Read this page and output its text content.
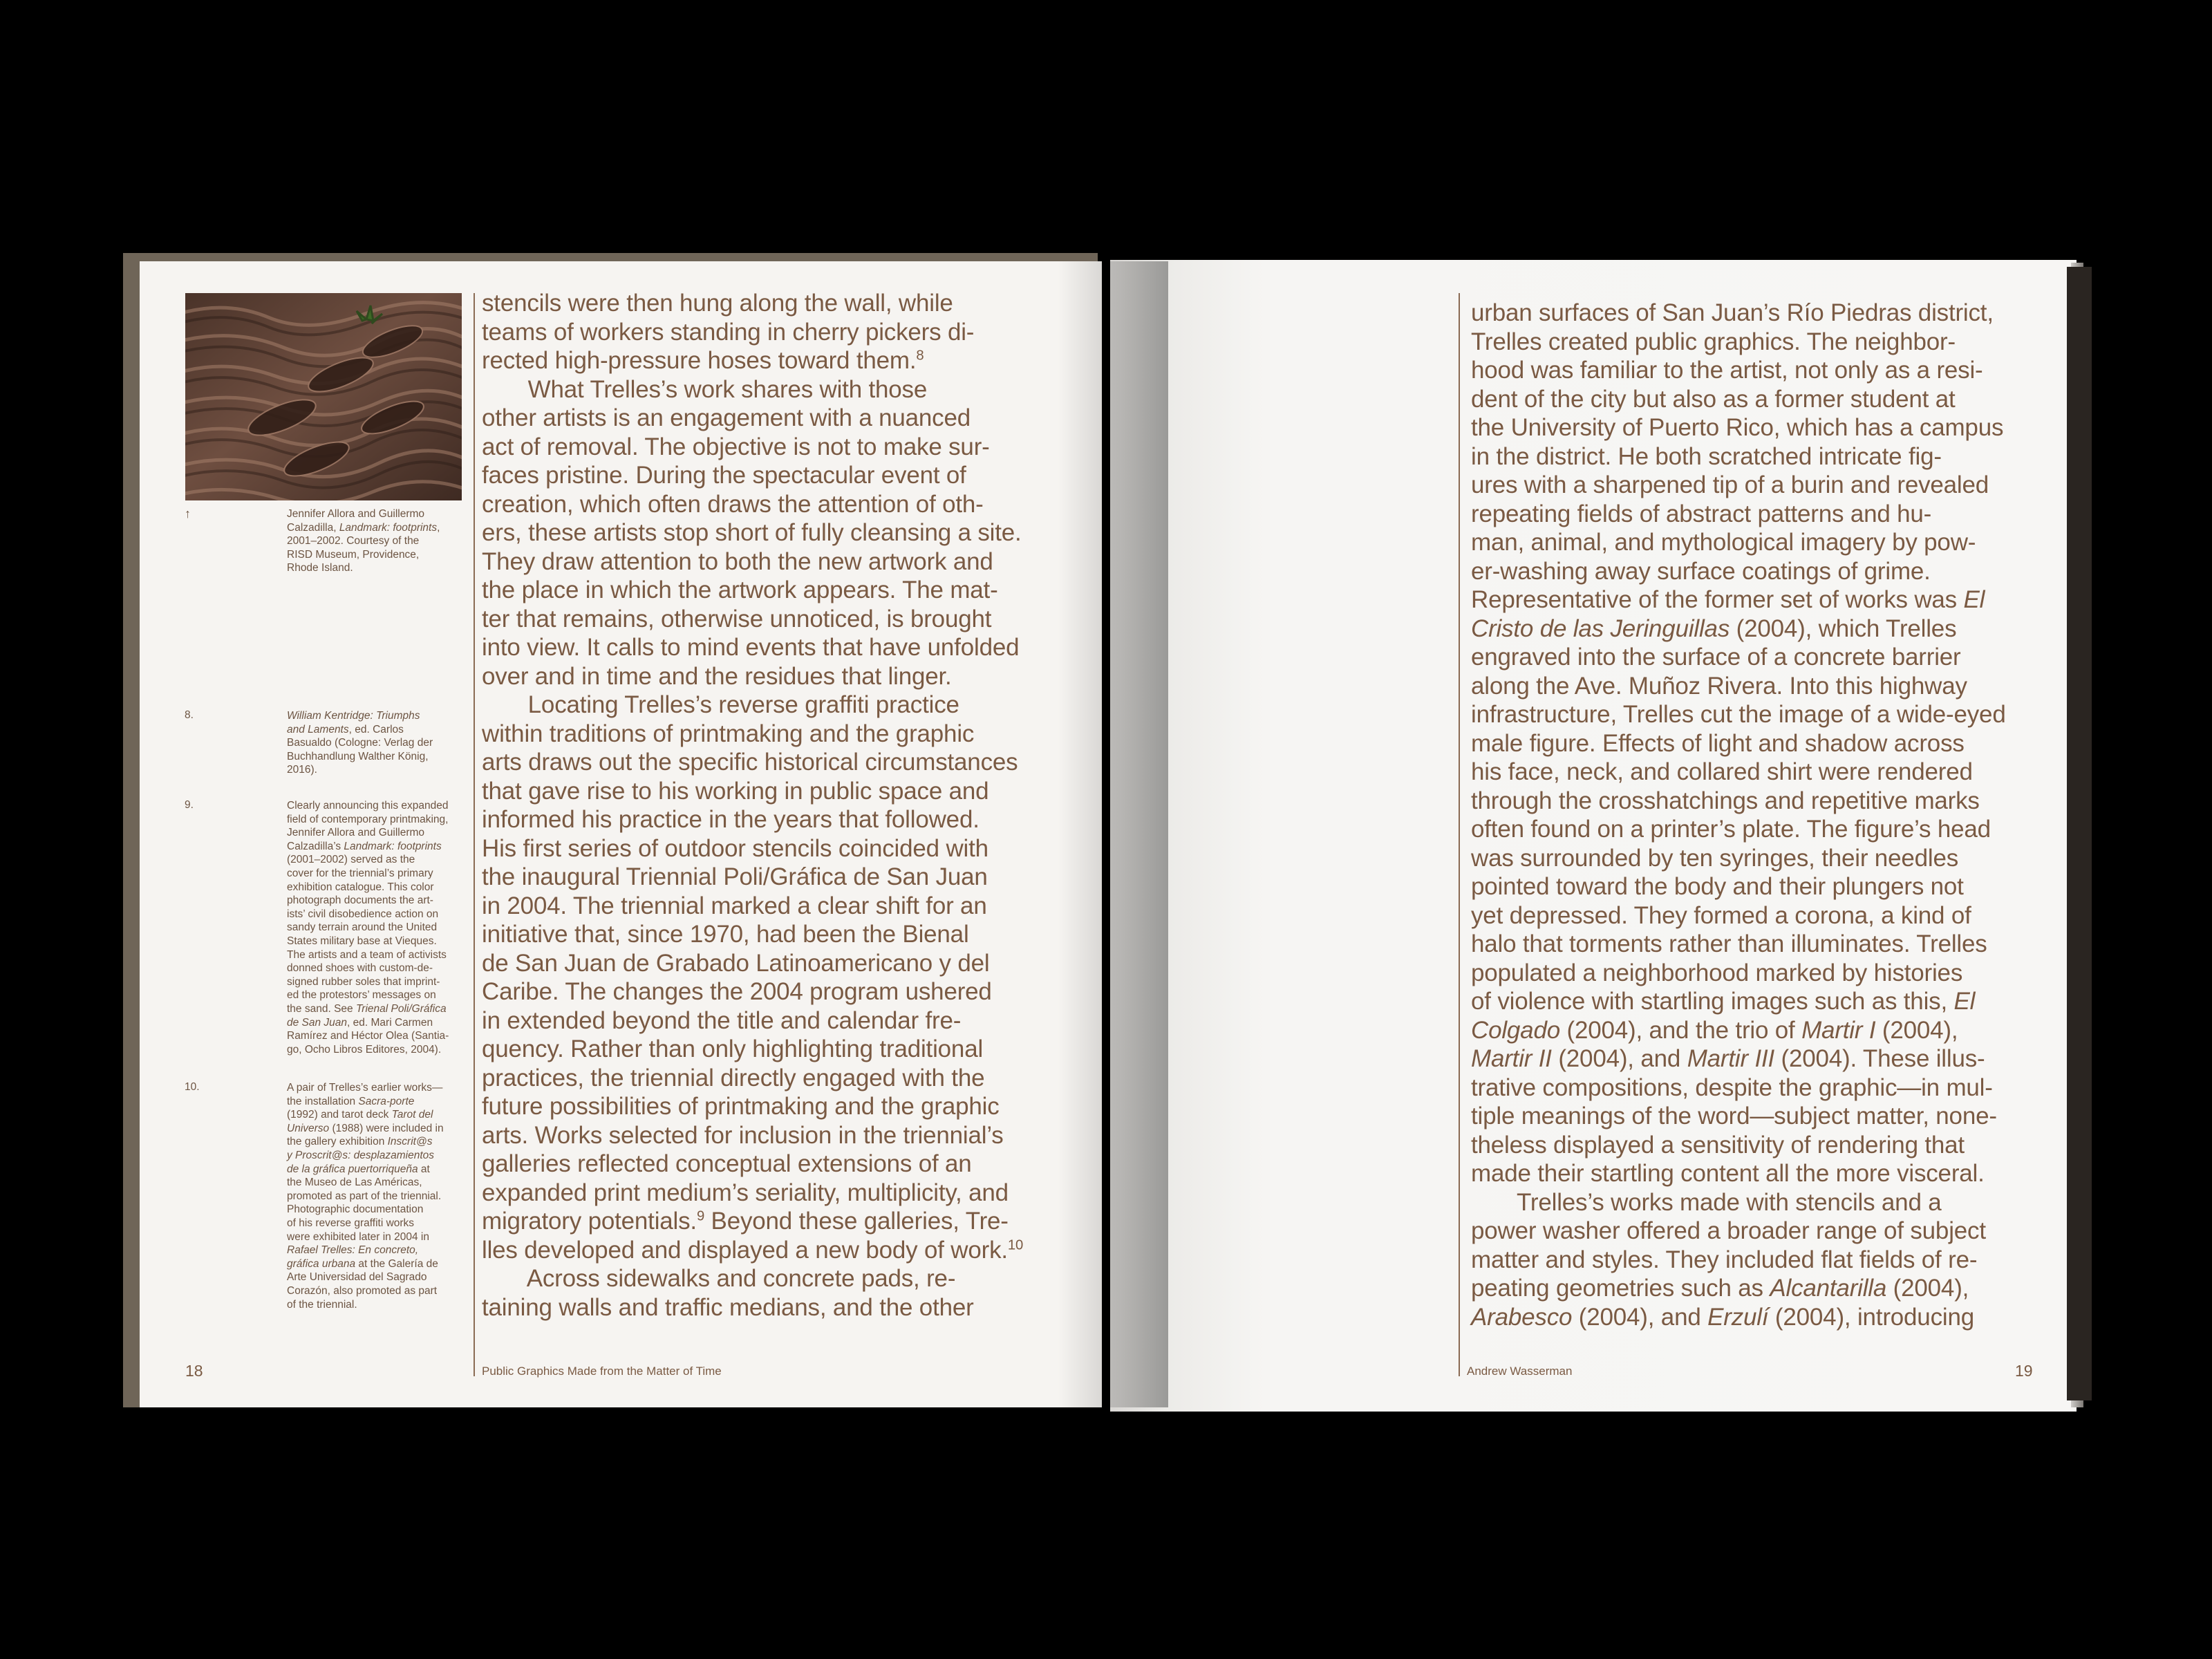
↑	Jennifer Allora and Guillermo
Calzadilla, Landmark: footprints,
2001–2002. Courtesy of the
RISD Museum, Providence,
Rhode Island.
8.
9.
10.
William Kentridge: Triumphs
and Laments, ed. Carlos
Basualdo (Cologne: Verlag der
Buchhandlung Walther König,
2016).
Clearly announcing this expanded
field of contemporary printmaking,
Jennifer Allora and Guillermo
Calzadilla’s Landmark: footprints
(2001–2002) served as the
cover for the triennial’s primary
exhibition catalogue. This color
photograph documents the art-
ists’ civil disobedience action on
sandy terrain around the United
States military base at Vieques.
The artists and a team of activists
donned shoes with custom-de-
signed rubber soles that imprint-
ed the protestors’ messages on
the sand. See Trienal Poli/Gráfica
de San Juan, ed. Mari Carmen
Ramírez and Héctor Olea (Santia-
go, Ocho Libros Editores, 2004).
A pair of Trelles’s earlier works—
the installation Sacra-porte
(1992) and tarot deck Tarot del
Universo (1988) were included in
the gallery exhibition Inscrit@s
y Proscrit@s: desplazamientos
de la gráfica puertorriqueña at
the Museo de Las Américas,
promoted as part of the triennial.
Photographic documentation
of his reverse graffiti works
were exhibited later in 2004 in
Rafael Trelles: En concreto,
gráfica urbana at the Galería de
Arte Universidad del Sagrado
Corazón, also promoted as part
of the triennial.
stencils were then hung along the wall, while
teams of workers standing in cherry pickers di-
rected high-pressure hoses toward them.$^8$
What Trelles’s work shares with those
other artists is an engagement with a nuanced
act of removal. The objective is not to make sur-
faces pristine. During the spectacular event of
creation, which often draws the attention of oth-
ers, these artists stop short of fully cleansing a site.
They draw attention to both the new artwork and
the place in which the artwork appears. The mat-
ter that remains, otherwise unnoticed, is brought
into view. It calls to mind events that have unfolded
over and in time and the residues that linger.
Locating Trelles’s reverse graffiti practice
within traditions of printmaking and the graphic
arts draws out the specific historical circumstances
that gave rise to his working in public space and
informed his practice in the years that followed.
His first series of outdoor stencils coincided with
the inaugural Triennial Poli/Gráfica de San Juan
in 2004. The triennial marked a clear shift for an
initiative that, since 1970, had been the Bienal
de San Juan de Grabado Latinoamericano y del
Caribe. The changes the 2004 program ushered
in extended beyond the title and calendar fre-
quency. Rather than only highlighting traditional
practices, the triennial directly engaged with the
future possibilities of printmaking and the graphic
arts. Works selected for inclusion in the triennial’s
galleries reflected conceptual extensions of an
expanded print medium’s seriality, multiplicity, and
migratory potentials.$^9$ Beyond these galleries, Tre-
lles developed and displayed a new body of work.$^{10}$
Across sidewalks and concrete pads, re-
taining walls and traffic medians, and the other
urban surfaces of San Juan’s Río Piedras district,
Trelles created public graphics. The neighbor-
hood was familiar to the artist, not only as a resi-
dent of the city but also as a former student at
the University of Puerto Rico, which has a campus
in the district. He both scratched intricate fig-
ures with a sharpened tip of a burin and revealed
repeating fields of abstract patterns and hu-
man, animal, and mythological imagery by pow-
er-washing away surface coatings of grime.
Representative of the former set of works was El
Cristo de las Jeringuillas (2004), which Trelles
engraved into the surface of a concrete barrier
along the Ave. Muñoz Rivera. Into this highway
infrastructure, Trelles cut the image of a wide-eyed
male figure. Effects of light and shadow across
his face, neck, and collared shirt were rendered
through the crosshatchings and repetitive marks
often found on a printer’s plate. The figure’s head
was surrounded by ten syringes, their needles
pointed toward the body and their plungers not
yet depressed. They formed a corona, a kind of
halo that torments rather than illuminates. Trelles
populated a neighborhood marked by histories
of violence with startling images such as this, El
Colgado (2004), and the trio of Martir I (2004),
Martir II (2004), and Martir III (2004). These illus-
trative compositions, despite the graphic—in mul-
tiple meanings of the word—subject matter, none-
theless displayed a sensitivity of rendering that
made their startling content all the more visceral.
Trelles’s works made with stencils and a
power washer offered a broader range of subject
matter and styles. They included flat fields of re-
peating geometries such as Alcantarilla (2004),
Arabesco (2004), and Erzulí (2004), introducing
18	Public Graphics Made from the Matter of Time	Andrew Wasserman	19
